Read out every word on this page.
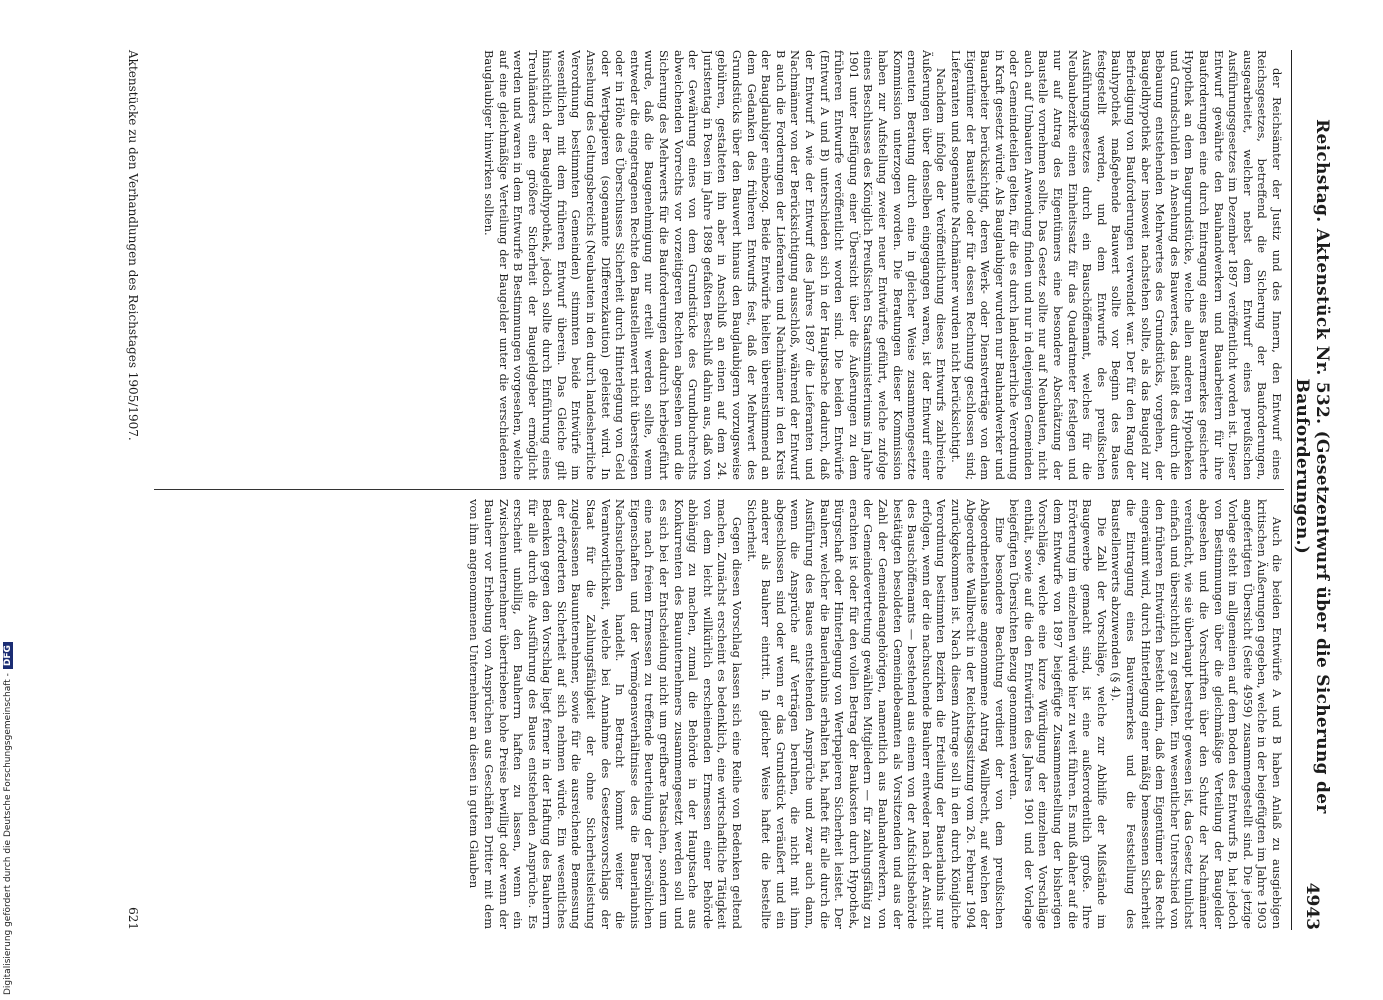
Digitalisierung gefördert durch die Deutsche Forschungsgemeinschaft -DFG	Reichstag. Aktenstück Nr. 532. (Gesetzentwurf über die Sicherung der Bauforderungen.)
4943

der Reichsämter der Justiz und des Innern, den Entwurf eines Reichsgesetzes, betreffend die Sicherung der Bauforderungen, ausgearbeitet, welcher nebst dem Entwurf eines preußischen Ausführungsgesetzes im Dezember 1897 veröffentlicht worden ist. Dieser Entwurf gewährte den Bauhandwerkern und Bauarbeitern für ihre Bauforderungen eine durch Eintragung eines Bauvermerkes gesicherte Hypothek an dem Baugrundstücke, welche allen anderen Hypotheken und Grundschulden in Ansehung des Bauwertes, das heißt des durch die Bebauung entstehenden Mehrwertes des Grundstücks, vorgehen, der Baugeldhypothek aber insoweit nachstehen sollte, als das Baugeld zur Befriedigung von Bauforderungen verwendet war. Der für den Rang der Bauhypothek maßgebende Bauwert sollte vor Beginn des Baues festgestellt werden, und dem Entwurfe des preußischen Ausführungsgesetzes durch ein Bauschöffenamt, welches für die Neubaubezirke einen Einheitssatz für das Quadratmeter festlegen und nur auf Antrag des Eigentümers eine besondere Abschätzung der Baustelle vornehmen sollte. Das Gesetz sollte nur auf Neubauten, nicht auch auf Umbauten Anwendung finden und nur in denjenigen Gemeinden oder Gemeindeteilen gelten, für die es durch landesherrliche Verordnung in Kraft gesetzt würde. Als Bauglaubiger wurden nur Bauhandwerker und Bauarbeiter berücksichtigt, deren Werk- oder Dienstverträge von dem Eigentümer der Baustelle oder für dessen Rechnung geschlossen sind; Lieferanten und sogenannte Nachmänner wurden nicht berücksichtigt.

Nachdem infolge der Veröffentlichung dieses Entwurfs zahlreiche Äußerungen über denselben eingegangen waren, ist der Entwurf einer erneuten Beratung durch eine in gleicher Weise zusammengesetzte Kommission unterzogen worden. Die Beratungen dieser Kommission haben zur Aufstellung zweier neuer Entwürfe geführt, welche zufolge eines Beschlusses des Königlich Preußischen Staatsministeriums im Jahre 1901 unter Beifügung einer Übersicht über die Äußerungen zu dem früheren Entwurfe veröffentlicht worden sind. Die beiden Entwürfe (Entwurf A und B) unterschieden sich in der Hauptsache dadurch, daß der Entwurf A wie der Entwurf des Jahres 1897 die Lieferanten und Nachmänner von der Berücksichtigung ausschloß, während der Entwurf B auch die Forderungen der Lieferanten und Nachmänner in den Kreis der Bauglaubiger einbezog. Beide Entwürfe hielten übereinstimmend an dem Gedanken des früheren Entwurfs fest, daß der Mehrwert des Grundstücks über den Bauwert hinaus den Bauglaubigern vorzugsweise gebühren, gestalteten ihn aber in Anschluß an einen auf dem 24. Juristentag in Posen im Jahre 1898 gefaßten Beschluß dahin aus, daß von der Gewährung eines von dem Grundstücke des Grundbuchrechts abweichenden Vorrechts vor vorzeitigeren Rechten abgesehen und die Sicherung des Mehrwerts für die Bauforderungen dadurch herbeigeführt wurde, daß die Baugenehmigung nur erteilt werden sollte, wenn entweder die eingetragenen Rechte den Baustellenwert nicht übersteigen oder in Höhe des Überschusses Sicherheit durch Hinterlegung von Geld oder Wertpapieren (sogenannte Differenzkaution) geleistet wird. In Ansehung des Geltungsbereichs (Neubauten in den durch landesherrliche Verordnung bestimmten Gemeinden) stimmten beide Entwürfe im wesentlichen mit dem früheren Entwurf überein. Das Gleiche gilt hinsichtlich der Baugeldhypothek, jedoch sollte durch Einführung eines Treuhänders eine größere Sicherheit der Baugeldgeber ermöglicht werden und waren in dem Entwurfe B Bestimmungen vorgesehen, welche auf eine gleichmäßige Verteilung der Baugelder unter die verschiedenen Bauglaubiger hinwirken sollten.

Auch die beiden Entwürfe A und B haben Anlaß zu ausgiebigen kritischen Äußerungen gegeben, welche in der beigefügten im Jahre 1903 angefertigten Übersicht (Seite 4959) zusammengestellt sind. Die jetzige Vorlage steht im allgemeinen auf dem Boden des Entwurfs B, hat jedoch von Bestimmungen über die gleichmäßige Verteilung der Baugelder abgesehen und die Vorschriften über den Schutz der Nachmänner vereinfacht, wie sie überhaupt bestrebt gewesen ist, das Gesetz tunlichst einfach und übersichtlich zu gestalten. Ein wesentlicher Unterschied von den früheren Entwürfen besteht darin, daß dem Eigentümer das Recht eingeräumt wird, durch Hinterlegung einer mäßig bemessenen Sicherheit die Eintragung eines Bauvermerkes und die Feststellung des Baustellenwerts abzuwenden (§ 4).

Die Zahl der Vorschläge, welche zur Abhilfe der Mißstände im Baugewerbe gemacht sind, ist eine außerordentlich große. Ihre Erörterung im einzelnen würde hier zu weit führen. Es muß daher auf die dem Entwurfe von 1897 beigefügte Zusammenstellung der bisherigen Vorschläge, welche eine kurze Würdigung der einzelnen Vorschläge enthält, sowie auf die den Entwürfen des Jahres 1901 und der Vorlage beigefügten Übersichten Bezug genommen werden.

Eine besondere Beachtung verdient der von dem preußischen Abgeordnetenhause angenommene Antrag Wallbrecht, auf welchen der Abgeordnete Wallbrecht in der Reichstagssitzung vom 26. Februar 1904 zurückgekommen ist. Nach diesem Antrage soll in den durch Königliche Verordnung bestimmten Bezirken die Erteilung der Bauerlaubnis nur erfolgen, wenn der die nachsuchende Bauherr entweder nach der Ansicht des Bauschöffenamts — bestehend aus einem von der Aufsichtsbehörde bestätigten besoldeten Gemeindebeamten als Vorsitzenden und aus der Zahl der Gemeindeangehörigen, namentlich aus Bauhandwerkern, von der Gemeindevertretung gewählten Mitgliedern — für zahlungsfähig zu erachten ist oder für den vollen Betrag der Baukosten durch Hypothek, Bürgschaft oder Hinterlegung von Wertpapieren Sicherheit leistet. Der Bauherr, welcher die Bauerlaubnis erhalten hat, haftet für alle durch die Ausführung des Baues entstehenden Ansprüche und zwar auch dann, wenn die Ansprüche auf Verträgen beruhen, die nicht mit ihm abgeschlossen sind oder wenn er das Grundstück veräußert und ein anderer als Bauherr eintritt. In gleicher Weise haftet die bestellte Sicherheit.

Gegen diesen Vorschlag lassen sich eine Reihe von Bedenken geltend machen. Zunächst erscheint es bedenklich, eine wirtschaftliche Tätigkeit von dem leicht willkürlich erscheinenden Ermessen einer Behörde abhängig zu machen, zumal die Behörde in der Hauptsache aus Konkurrenten des Bauunternehmers zusammengesetzt werden soll und es sich bei der Entscheidung nicht um greifbare Tatsachen, sondern um eine nach freiem Ermessen zu treffende Beurteilung der persönlichen Eigenschaften und der Vermögensverhältnisse des die Bauerlaubnis Nachsuchenden handelt. In Betracht kommt weiter die Verantwortlichkeit, welche bei Annahme des Gesetzesvorschlags der Staat für die Zahlungsfähigkeit der ohne Sicherheitsleistung zugelassenen Bauunternehmer, sowie für die ausreichende Bemessung der erforderten Sicherheit auf sich nehmen würde. Ein wesentliches Bedenken gegen den Vorschlag liegt ferner in der Haftung des Bauherrn für alle durch die Ausführung des Baues entstehenden Ansprüche. Es erscheint unbillig, den Bauherrn haften zu lassen, wenn ein Zwischenunternehmer übertriebene hohe Preise bewilligt oder wenn der Bauherr vor Erhebung von Ansprüchen aus Geschäften Dritter mit dem von ihm angenommenen Unternehmer an diesen in gutem Glauben

Aktenstücke zu den Verhandlungen des Reichstages 1905/1907.
621
